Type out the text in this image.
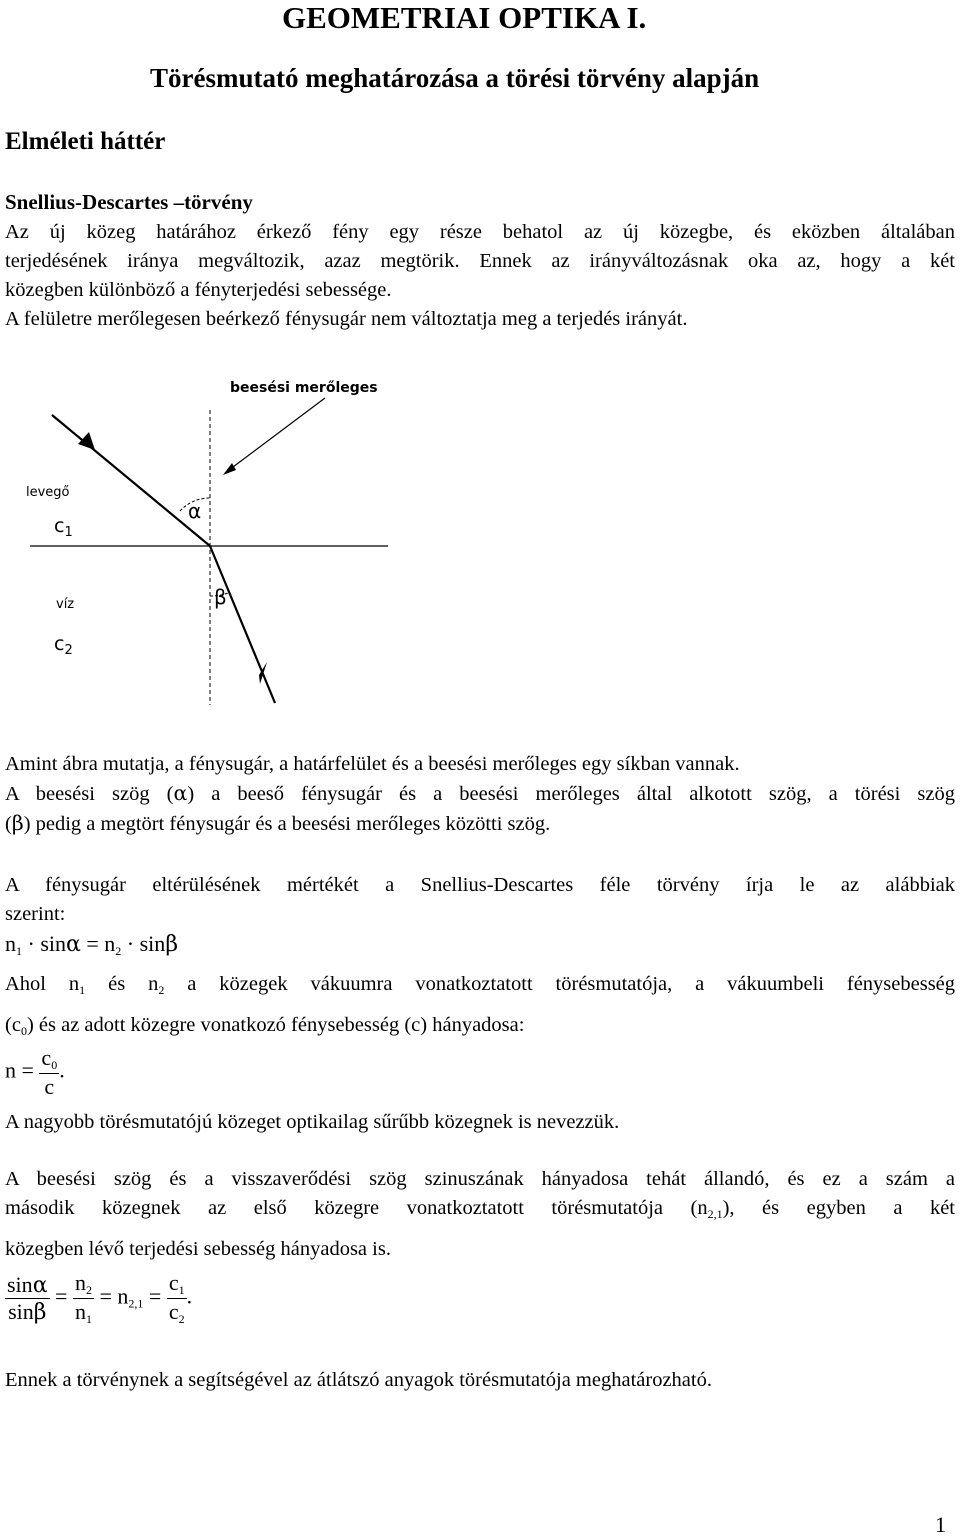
GEOMETRIAI OPTIKA I.
Törésmutató meghatározása a törési törvény alapján
Elméleti háttér
Snellius-Descartes –törvény
Az új közeg határához érkező fény egy része behatol az új közegbe, és eközben általában
terjedésének iránya megváltozik, azaz megtörik. Ennek az irányváltozásnak oka az, hogy a két
közegben különböző a fényterjedési sebessége.
A felületre merőlegesen beérkező fénysugár nem változtatja meg a terjedés irányát.
beesési merőleges
levegő
$c_1$
víz
$c_2$
α
β
Amint ábra mutatja, a fénysugár, a határfelület és a beesési merőleges egy síkban vannak.
A beesési szög (α) a beeső fénysugár és a beesési merőleges által alkotott szög, a törési szög
(β) pedig a megtört fénysugár és a beesési merőleges közötti szög.
A fénysugár eltérülésének mértékét a Snellius-Descartes féle törvény írja le az alábbiak
szerint:
$n_1 \cdot \sin\alpha = n_2 \cdot \sin\beta$
Ahol $n_1$ és $n_2$ a közegek vákuumra vonatkoztatott törésmutatója, a vákuumbeli fénysebesség
$(c_0)$ és az adott közegre vonatkozó fénysebesség (c) hányadosa:
$n = \frac{c_0}{c}$ .
A nagyobb törésmutatójú közeget optikailag sűrűbb közegnek is nevezzük.
A beesési szög és a visszaverődési szög szinuszának hányadosa tehát állandó, és ez a szám a
második közegnek az első közegre vonatkoztatott törésmutatója $(n_{2,1})$, és egyben a két
közegben lévő terjedési sebesség hányadosa is.
$\frac{\sin\alpha}{\sin\beta} = \frac{n_2}{n_1} = n_{2,1} = \frac{c_1}{c_2}$ .
Ennek a törvénynek a segítségével az átlátszó anyagok törésmutatója meghatározható.
1
